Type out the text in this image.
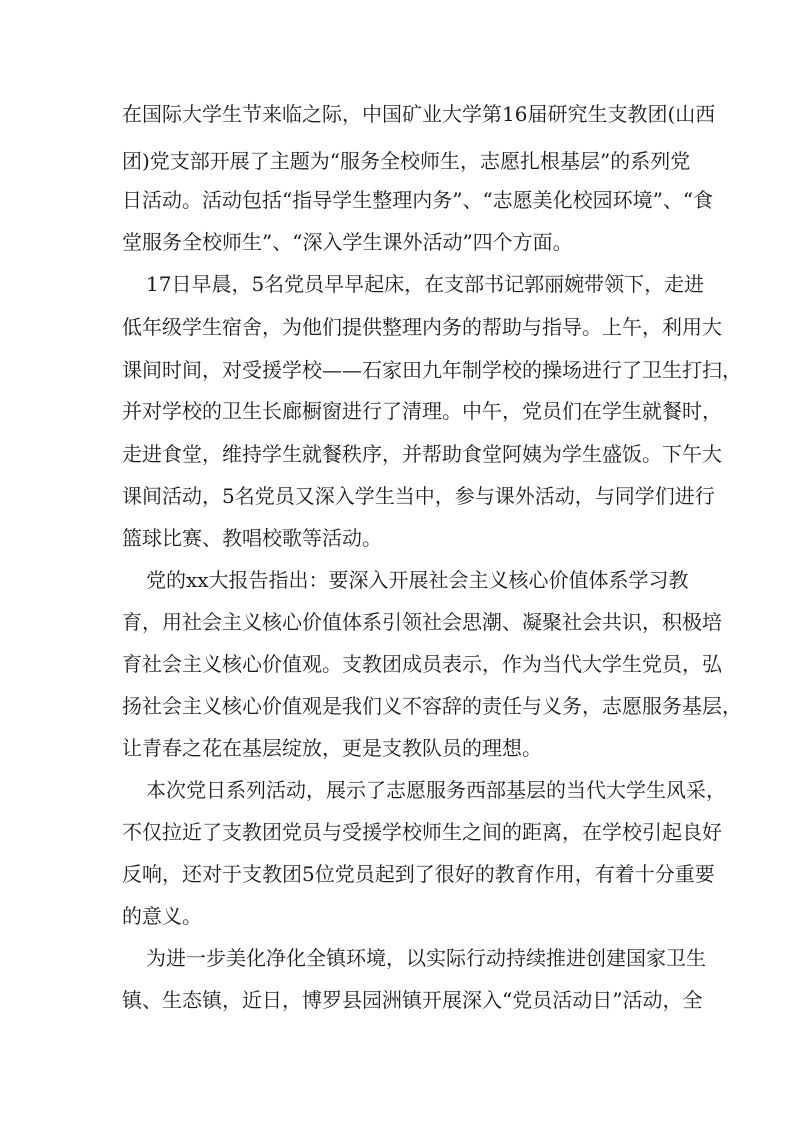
在国际大学生节来临之际，中国矿业大学第16届研究生支教团(山西

团)党支部开展了主题为“服务全校师生，志愿扎根基层”的系列党

日活动。活动包括“指导学生整理内务”、“志愿美化校园环境”、“食

堂服务全校师生”、“深入学生课外活动”四个方面。

17日早晨，5名党员早早起床，在支部书记郭丽婉带领下，走进

低年级学生宿舍，为他们提供整理内务的帮助与指导。上午，利用大

课间时间，对受援学校——石家田九年制学校的操场进行了卫生打扫，

并对学校的卫生长廊橱窗进行了清理。中午，党员们在学生就餐时，

走进食堂，维持学生就餐秩序，并帮助食堂阿姨为学生盛饭。下午大

课间活动，5名党员又深入学生当中，参与课外活动，与同学们进行

篮球比赛、教唱校歌等活动。

党的xx大报告指出：要深入开展社会主义核心价值体系学习教

育，用社会主义核心价值体系引领社会思潮、凝聚社会共识，积极培

育社会主义核心价值观。支教团成员表示，作为当代大学生党员，弘

扬社会主义核心价值观是我们义不容辞的责任与义务，志愿服务基层，

让青春之花在基层绽放，更是支教队员的理想。

本次党日系列活动，展示了志愿服务西部基层的当代大学生风采，

不仅拉近了支教团党员与受援学校师生之间的距离，在学校引起良好

反响，还对于支教团5位党员起到了很好的教育作用，有着十分重要

的意义。

为进一步美化净化全镇环境，以实际行动持续推进创建国家卫生

镇、生态镇，近日，博罗县园洲镇开展深入“党员活动日”活动，全
